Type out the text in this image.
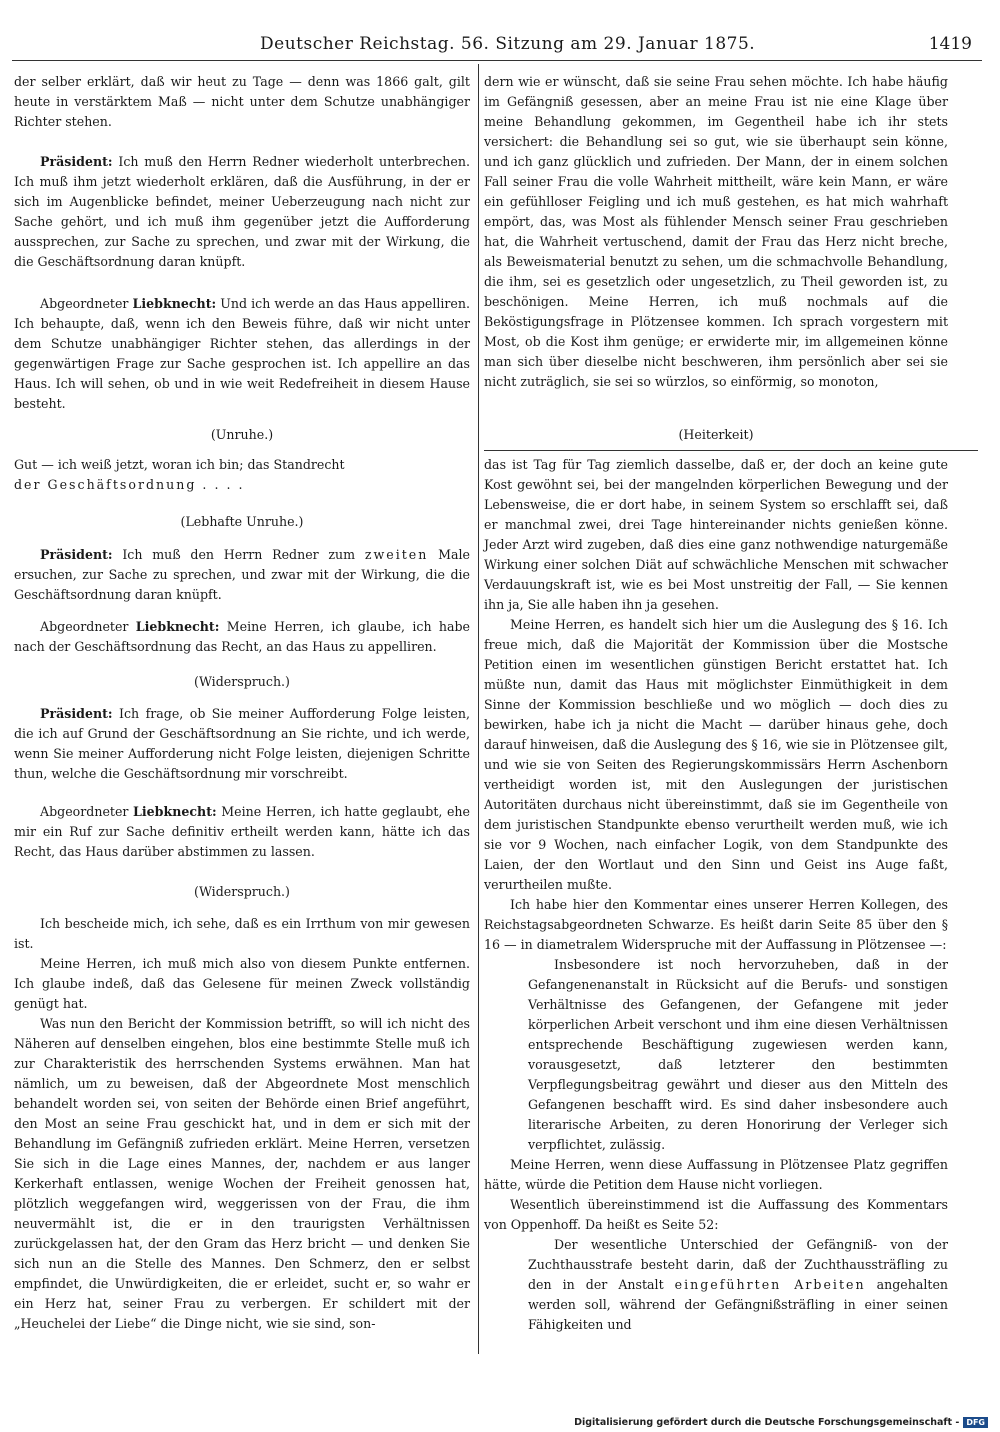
Deutscher Reichstag. 56. Sitzung am 29. Januar 1875.	1419

der selber erklärt, daß wir heut zu Tage — denn was 1866 galt, gilt heute in verstärktem Maß — nicht unter dem Schutze unabhängiger Richter stehen.

Präsident: Ich muß den Herrn Redner wiederholt unterbrechen. Ich muß ihm jetzt wiederholt erklären, daß die Ausführung, in der er sich im Augenblicke befindet, meiner Ueberzeugung nach nicht zur Sache gehört, und ich muß ihm gegenüber jetzt die Aufforderung aussprechen, zur Sache zu sprechen, und zwar mit der Wirkung, die die Geschäftsordnung daran knüpft.

Abgeordneter Liebknecht: Und ich werde an das Haus appelliren. Ich behaupte, daß, wenn ich den Beweis führe, daß wir nicht unter dem Schutze unabhängiger Richter stehen, das allerdings in der gegenwärtigen Frage zur Sache gesprochen ist. Ich appellire an das Haus. Ich will sehen, ob und in wie weit Redefreiheit in diesem Hause besteht.

(Unruhe.)

Gut — ich weiß jetzt, woran ich bin; das Standrecht
der Geschäftsordnung . . . .

(Lebhafte Unruhe.)

Präsident: Ich muß den Herrn Redner zum zweiten Male ersuchen, zur Sache zu sprechen, und zwar mit der Wirkung, die die Geschäftsordnung daran knüpft.

Abgeordneter Liebknecht: Meine Herren, ich glaube, ich habe nach der Geschäftsordnung das Recht, an das Haus zu appelliren.

(Widerspruch.)

Präsident: Ich frage, ob Sie meiner Aufforderung Folge leisten, die ich auf Grund der Geschäftsordnung an Sie richte, und ich werde, wenn Sie meiner Aufforderung nicht Folge leisten, diejenigen Schritte thun, welche die Geschäftsordnung mir vorschreibt.

Abgeordneter Liebknecht: Meine Herren, ich hatte geglaubt, ehe mir ein Ruf zur Sache definitiv ertheilt werden kann, hätte ich das Recht, das Haus darüber abstimmen zu lassen.

(Widerspruch.)

Ich bescheide mich, ich sehe, daß es ein Irrthum von mir gewesen ist.

Meine Herren, ich muß mich also von diesem Punkte entfernen. Ich glaube indeß, daß das Gelesene für meinen Zweck vollständig genügt hat.

Was nun den Bericht der Kommission betrifft, so will ich nicht des Näheren auf denselben eingehen, blos eine bestimmte Stelle muß ich zur Charakteristik des herrschenden Systems erwähnen. Man hat nämlich, um zu beweisen, daß der Abgeordnete Most menschlich behandelt worden sei, von seiten der Behörde einen Brief angeführt, den Most an seine Frau geschickt hat, und in dem er sich mit der Behandlung im Gefängniß zufrieden erklärt. Meine Herren, versetzen Sie sich in die Lage eines Mannes, der, nachdem er aus langer Kerkerhaft entlassen, wenige Wochen der Freiheit genossen hat, plötzlich weggefangen wird, weggerissen von der Frau, die ihm neuvermählt ist, die er in den traurigsten Verhältnissen zurückgelassen hat, der den Gram das Herz bricht — und denken Sie sich nun an die Stelle des Mannes. Den Schmerz, den er selbst empfindet, die Unwürdigkeiten, die er erleidet, sucht er, so wahr er ein Herz hat, seiner Frau zu verbergen. Er schildert mit der „Heuchelei der Liebe“ die Dinge nicht, wie sie sind, son-

dern wie er wünscht, daß sie seine Frau sehen möchte. Ich habe häufig im Gefängniß gesessen, aber an meine Frau ist nie eine Klage über meine Behandlung gekommen, im Gegentheil habe ich ihr stets versichert: die Behandlung sei so gut, wie sie überhaupt sein könne, und ich ganz glücklich und zufrieden. Der Mann, der in einem solchen Fall seiner Frau die volle Wahrheit mittheilt, wäre kein Mann, er wäre ein gefühlloser Feigling und ich muß gestehen, es hat mich wahrhaft empört, das, was Most als fühlender Mensch seiner Frau geschrieben hat, die Wahrheit vertuschend, damit der Frau das Herz nicht breche, als Beweismaterial benutzt zu sehen, um die schmachvolle Behandlung, die ihm, sei es gesetzlich oder ungesetzlich, zu Theil geworden ist, zu beschönigen. Meine Herren, ich muß nochmals auf die Beköstigungsfrage in Plötzensee kommen. Ich sprach vorgestern mit Most, ob die Kost ihm genüge; er erwiderte mir, im allgemeinen könne man sich über dieselbe nicht beschweren, ihm persönlich aber sei sie nicht zuträglich, sie sei so würzlos, so einförmig, so monoton,

(Heiterkeit)

das ist Tag für Tag ziemlich dasselbe, daß er, der doch an keine gute Kost gewöhnt sei, bei der mangelnden körperlichen Bewegung und der Lebensweise, die er dort habe, in seinem System so erschlafft sei, daß er manchmal zwei, drei Tage hintereinander nichts genießen könne. Jeder Arzt wird zugeben, daß dies eine ganz nothwendige naturgemäße Wirkung einer solchen Diät auf schwächliche Menschen mit schwacher Verdauungskraft ist, wie es bei Most unstreitig der Fall, — Sie kennen ihn ja, Sie alle haben ihn ja gesehen.

Meine Herren, es handelt sich hier um die Auslegung des § 16. Ich freue mich, daß die Majorität der Kommission über die Mostsche Petition einen im wesentlichen günstigen Bericht erstattet hat. Ich müßte nun, damit das Haus mit möglichster Einmüthigkeit in dem Sinne der Kommission beschließe und wo möglich — doch dies zu bewirken, habe ich ja nicht die Macht — darüber hinaus gehe, doch darauf hinweisen, daß die Auslegung des § 16, wie sie in Plötzensee gilt, und wie sie von Seiten des Regierungskommissärs Herrn Aschenborn vertheidigt worden ist, mit den Auslegungen der juristischen Autoritäten durchaus nicht übereinstimmt, daß sie im Gegentheile von dem juristischen Standpunkte ebenso verurtheilt werden muß, wie ich sie vor 9 Wochen, nach einfacher Logik, von dem Standpunkte des Laien, der den Wortlaut und den Sinn und Geist ins Auge faßt, verurtheilen mußte.

Ich habe hier den Kommentar eines unserer Herren Kollegen, des Reichstagsabgeordneten Schwarze. Es heißt darin Seite 85 über den § 16 — in diametralem Widerspruche mit der Auffassung in Plötzensee —:

Insbesondere ist noch hervorzuheben, daß in der Gefangenenanstalt in Rücksicht auf die Berufs- und sonstigen Verhältnisse des Gefangenen, der Gefangene mit jeder körperlichen Arbeit verschont und ihm eine diesen Verhältnissen entsprechende Beschäftigung zugewiesen werden kann, vorausgesetzt, daß letzterer den bestimmten Verpflegungsbeitrag gewährt und dieser aus den Mitteln des Gefangenen beschafft wird. Es sind daher insbesondere auch literarische Arbeiten, zu deren Honorirung der Verleger sich verpflichtet, zulässig.

Meine Herren, wenn diese Auffassung in Plötzensee Platz gegriffen hätte, würde die Petition dem Hause nicht vorliegen.

Wesentlich übereinstimmend ist die Auffassung des Kommentars von Oppenhoff. Da heißt es Seite 52:

Der wesentliche Unterschied der Gefängniß- von der Zuchthausstrafe besteht darin, daß der Zuchthaussträfling zu den in der Anstalt eingeführten Arbeiten angehalten werden soll, während der Gefängnißsträfling in einer seinen Fähigkeiten und

Digitalisierung gefördert durch die Deutsche Forschungsgemeinschaft - DFG
